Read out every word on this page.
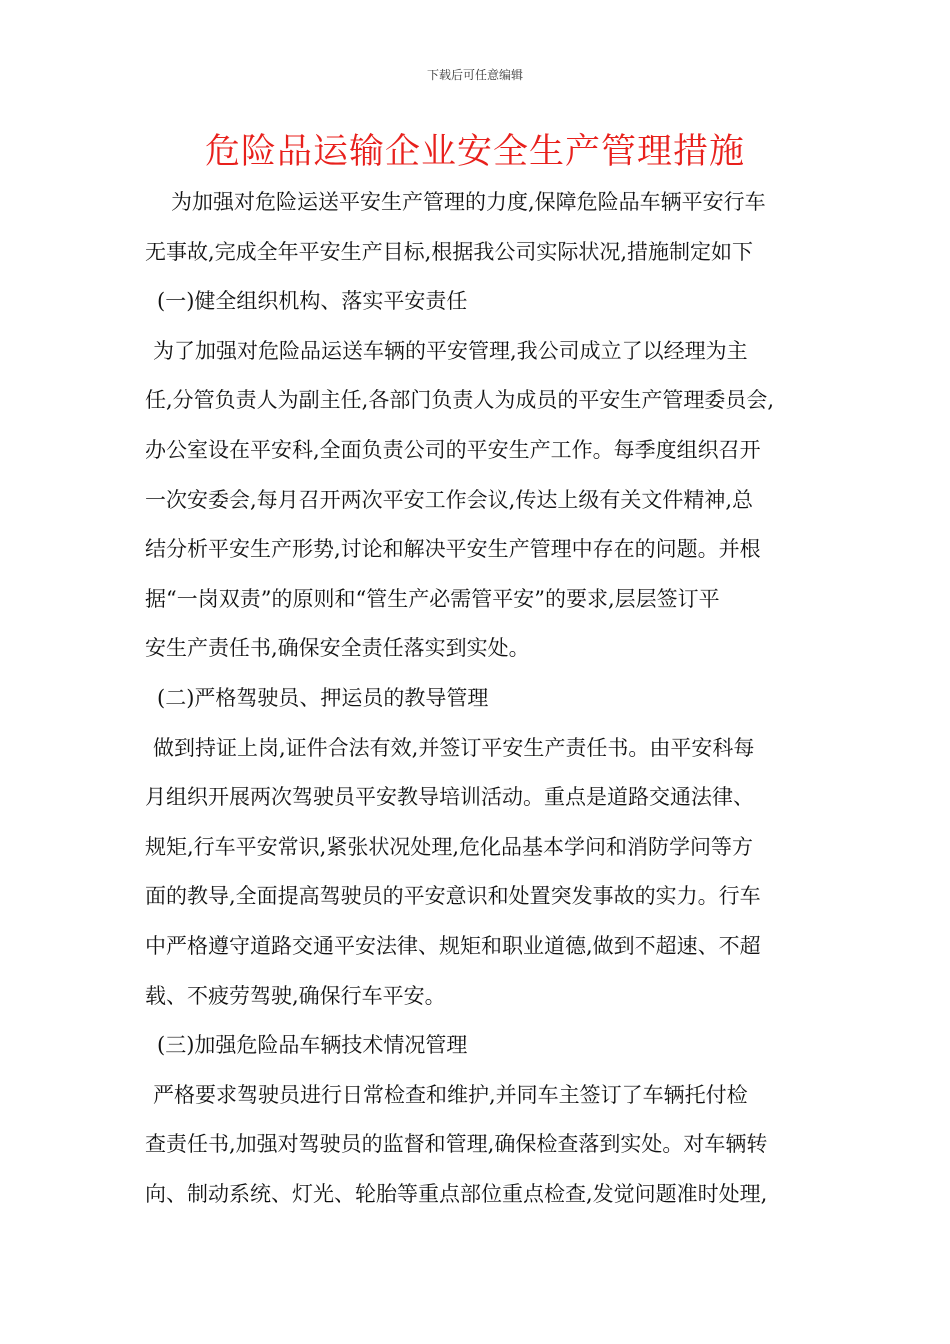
下载后可任意编辑
危险品运输企业安全生产管理措施
为加强对危险运送平安生产管理的力度,保障危险品车辆平安行车
无事故,完成全年平安生产目标,根据我公司实际状况,措施制定如下
(一)健全组织机构、落实平安责任
为了加强对危险品运送车辆的平安管理,我公司成立了以经理为主
任,分管负责人为副主任,各部门负责人为成员的平安生产管理委员会,
办公室设在平安科,全面负责公司的平安生产工作。每季度组织召开
一次安委会,每月召开两次平安工作会议,传达上级有关文件精神,总
结分析平安生产形势,讨论和解决平安生产管理中存在的问题。并根
据“一岗双责”的原则和“管生产必需管平安”的要求,层层签订平
安生产责任书,确保安全责任落实到实处。
(二)严格驾驶员、押运员的教导管理
做到持证上岗,证件合法有效,并签订平安生产责任书。由平安科每
月组织开展两次驾驶员平安教导培训活动。重点是道路交通法律、
规矩,行车平安常识,紧张状况处理,危化品基本学问和消防学问等方
面的教导,全面提高驾驶员的平安意识和处置突发事故的实力。行车
中严格遵守道路交通平安法律、规矩和职业道德,做到不超速、不超
载、不疲劳驾驶,确保行车平安。
(三)加强危险品车辆技术情况管理
严格要求驾驶员进行日常检查和维护,并同车主签订了车辆托付检
查责任书,加强对驾驶员的监督和管理,确保检查落到实处。对车辆转
向、制动系统、灯光、轮胎等重点部位重点检查,发觉问题准时处理,
